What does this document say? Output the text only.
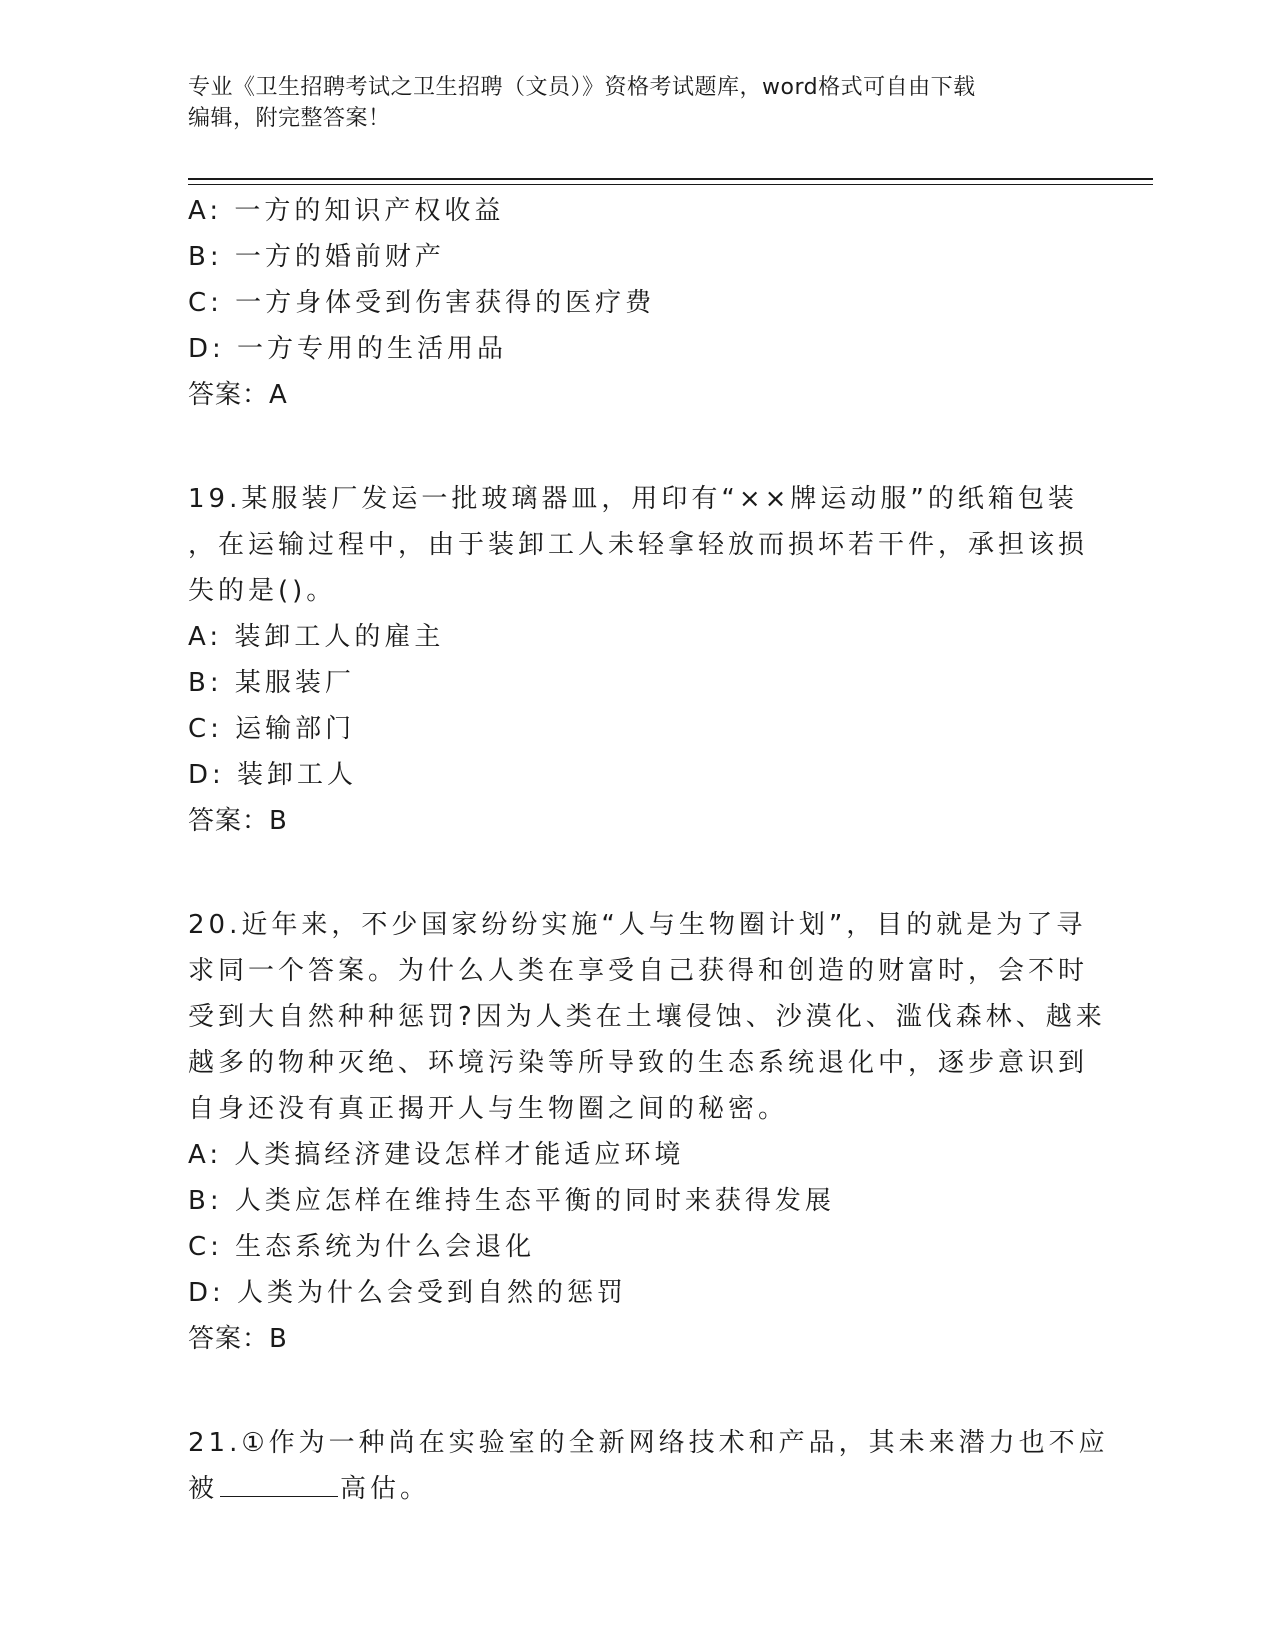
专业《卫生招聘考试之卫生招聘（文员）》资格考试题库，word格式可自由下载
编辑，附完整答案！
A: 一方的知识产权收益
B: 一方的婚前财产
C: 一方身体受到伤害获得的医疗费
D: 一方专用的生活用品
答案：A
19.某服装厂发运一批玻璃器皿，用印有“××牌运动服”的纸箱包装
，在运输过程中，由于装卸工人未轻拿轻放而损坏若干件，承担该损
失的是()。
A: 装卸工人的雇主
B: 某服装厂
C: 运输部门
D: 装卸工人
答案：B
20.近年来，不少国家纷纷实施“人与生物圈计划”，目的就是为了寻
求同一个答案。为什么人类在享受自己获得和创造的财富时，会不时
受到大自然种种惩罚?因为人类在土壤侵蚀、沙漠化、滥伐森林、越来
越多的物种灭绝、环境污染等所导致的生态系统退化中，逐步意识到
自身还没有真正揭开人与生物圈之间的秘密。
A: 人类搞经济建设怎样才能适应环境
B: 人类应怎样在维持生态平衡的同时来获得发展
C: 生态系统为什么会退化
D: 人类为什么会受到自然的惩罚
答案：B
21.①作为一种尚在实验室的全新网络技术和产品，其未来潜力也不应
被	高估。
